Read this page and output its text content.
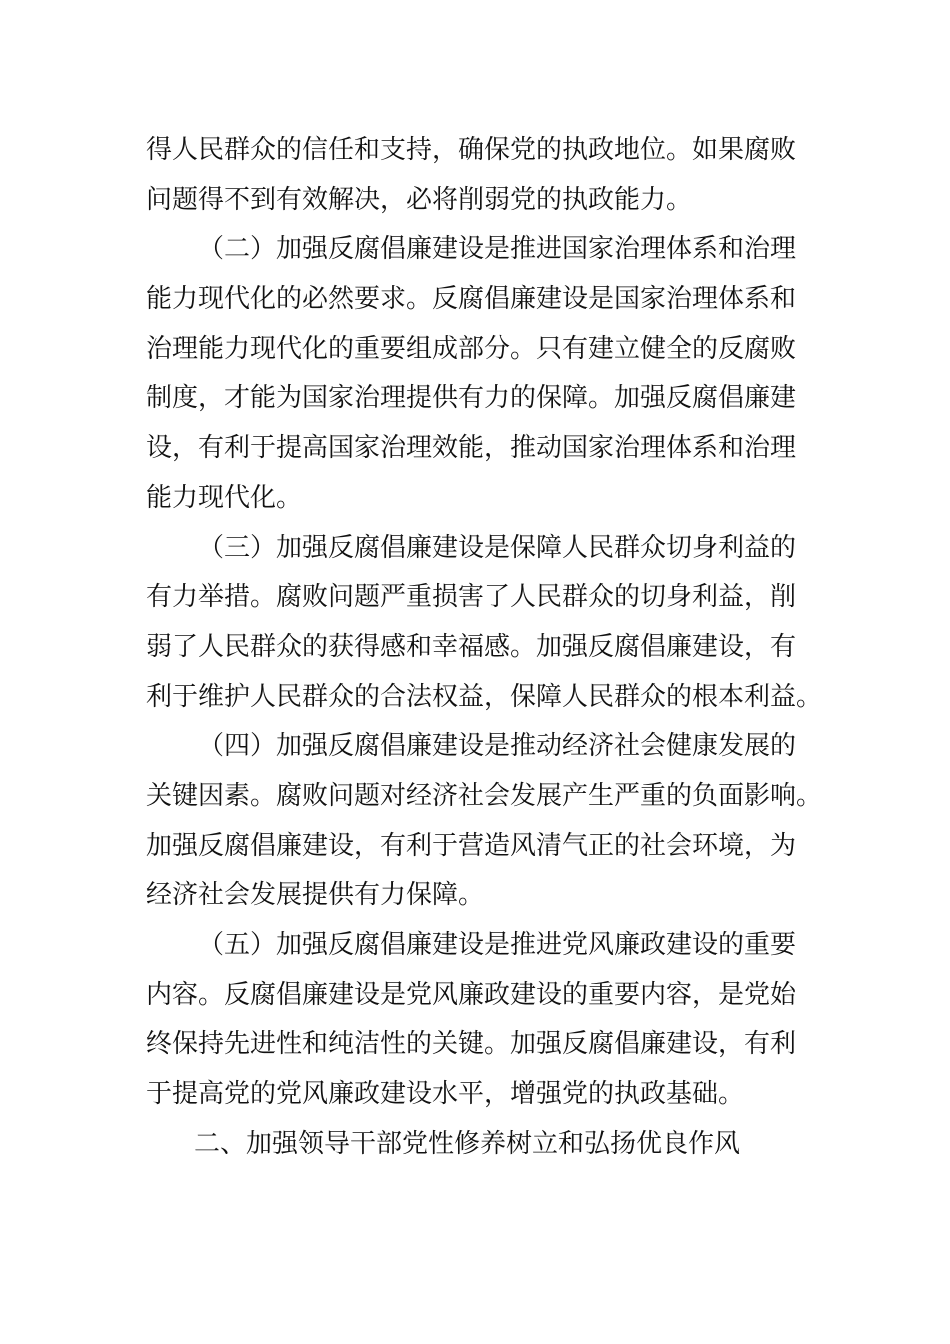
得人民群众的信任和支持，确保党的执政地位。如果腐败
问题得不到有效解决，必将削弱党的执政能力。
（二）加强反腐倡廉建设是推进国家治理体系和治理
能力现代化的必然要求。反腐倡廉建设是国家治理体系和
治理能力现代化的重要组成部分。只有建立健全的反腐败
制度，才能为国家治理提供有力的保障。加强反腐倡廉建
设，有利于提高国家治理效能，推动国家治理体系和治理
能力现代化。
（三）加强反腐倡廉建设是保障人民群众切身利益的
有力举措。腐败问题严重损害了人民群众的切身利益，削
弱了人民群众的获得感和幸福感。加强反腐倡廉建设，有
利于维护人民群众的合法权益，保障人民群众的根本利益。
（四）加强反腐倡廉建设是推动经济社会健康发展的
关键因素。腐败问题对经济社会发展产生严重的负面影响。
加强反腐倡廉建设，有利于营造风清气正的社会环境，为
经济社会发展提供有力保障。
（五）加强反腐倡廉建设是推进党风廉政建设的重要
内容。反腐倡廉建设是党风廉政建设的重要内容，是党始
终保持先进性和纯洁性的关键。加强反腐倡廉建设，有利
于提高党的党风廉政建设水平，增强党的执政基础。
二、加强领导干部党性修养树立和弘扬优良作风
